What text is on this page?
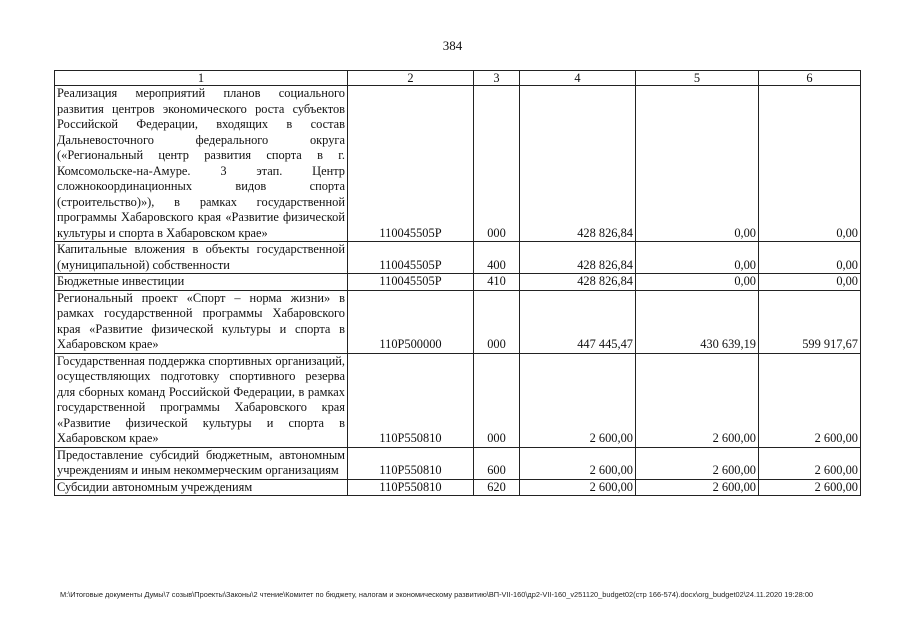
384
1	2	3	4	5	6
Реализация мероприятий планов социального развития центров экономического роста субъектов Российской Федерации, входящих в состав Дальневосточного федерального округа («Региональный центр развития спорта в г. Комсомольске-на-Амуре. 3 этап. Центр сложнокоординационных видов спорта (строительство)»), в рамках государственной программы Хабаровского края «Развитие физической культуры и спорта в Хабаровском крае»	110045505Р	000	428 826,84	0,00	0,00
Капитальные вложения в объекты государственной (муниципальной) собственности	110045505Р	400	428 826,84	0,00	0,00
Бюджетные инвестиции	110045505Р	410	428 826,84	0,00	0,00
Региональный проект «Спорт – норма жизни» в рамках государственной программы Хабаровского края «Развитие физической культуры и спорта в Хабаровском крае»	110P500000	000	447 445,47	430 639,19	599 917,67
Государственная поддержка спортивных организаций, осуществляющих подготовку спортивного резерва для сборных команд Российской Федерации, в рамках государственной программы Хабаровского края «Развитие физической культуры и спорта в Хабаровском крае»	110P550810	000	2 600,00	2 600,00	2 600,00
Предоставление субсидий бюджетным, автономным учреждениям и иным некоммерческим организациям	110P550810	600	2 600,00	2 600,00	2 600,00
Субсидии автономным учреждениям	110P550810	620	2 600,00	2 600,00	2 600,00
M:\Итоговые документы Думы\7 созыв\Проекты\Законы\2 чтение\Комитет по бюджету, налогам и экономическому развитию\ВП-VII-160\др2-VII-160_v251120_budget02(стр 166-574).docx\org_budget02\24.11.2020 19:28:00
